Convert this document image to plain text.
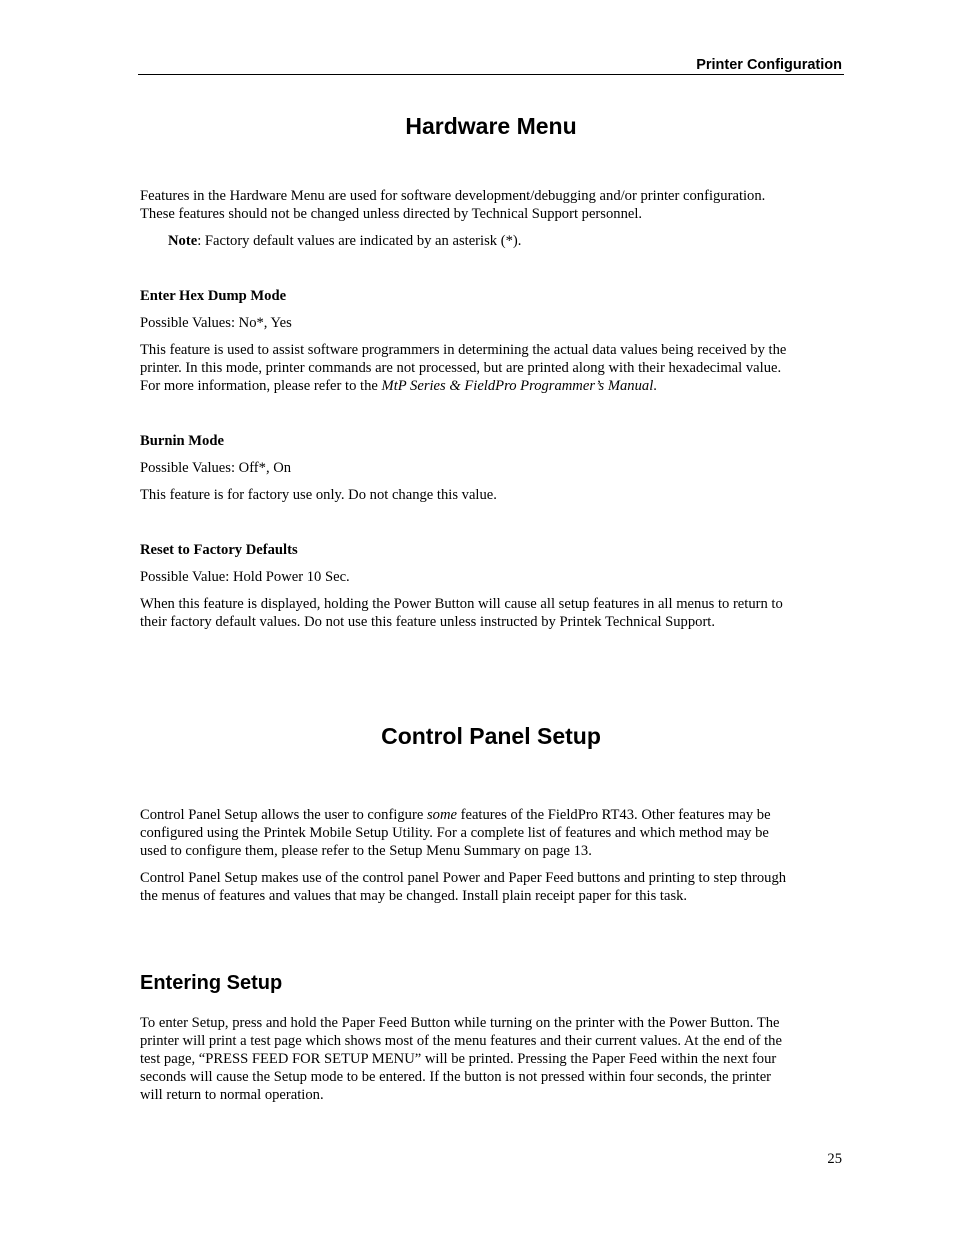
Printer Configuration
Hardware Menu
Features in the Hardware Menu are used for software development/debugging and/or printer configuration.
These features should not be changed unless directed by Technical Support personnel.
Note: Factory default values are indicated by an asterisk (*).
Enter Hex Dump Mode
Possible Values: No*, Yes
This feature is used to assist software programmers in determining the actual data values being received by the
printer. In this mode, printer commands are not processed, but are printed along with their hexadecimal value.
For more information, please refer to the MtP Series & FieldPro Programmer’s Manual.
Burnin Mode
Possible Values: Off*, On
This feature is for factory use only. Do not change this value.
Reset to Factory Defaults
Possible Value: Hold Power 10 Sec.
When this feature is displayed, holding the Power Button will cause all setup features in all menus to return to
their factory default values. Do not use this feature unless instructed by Printek Technical Support.
Control Panel Setup
Control Panel Setup allows the user to configure some features of the FieldPro RT43. Other features may be
configured using the Printek Mobile Setup Utility. For a complete list of features and which method may be
used to configure them, please refer to the Setup Menu Summary on page 13.
Control Panel Setup makes use of the control panel Power and Paper Feed buttons and printing to step through
the menus of features and values that may be changed. Install plain receipt paper for this task.
Entering Setup
To enter Setup, press and hold the Paper Feed Button while turning on the printer with the Power Button. The
printer will print a test page which shows most of the menu features and their current values. At the end of the
test page, “PRESS FEED FOR SETUP MENU” will be printed. Pressing the Paper Feed within the next four
seconds will cause the Setup mode to be entered. If the button is not pressed within four seconds, the printer
will return to normal operation.
25
